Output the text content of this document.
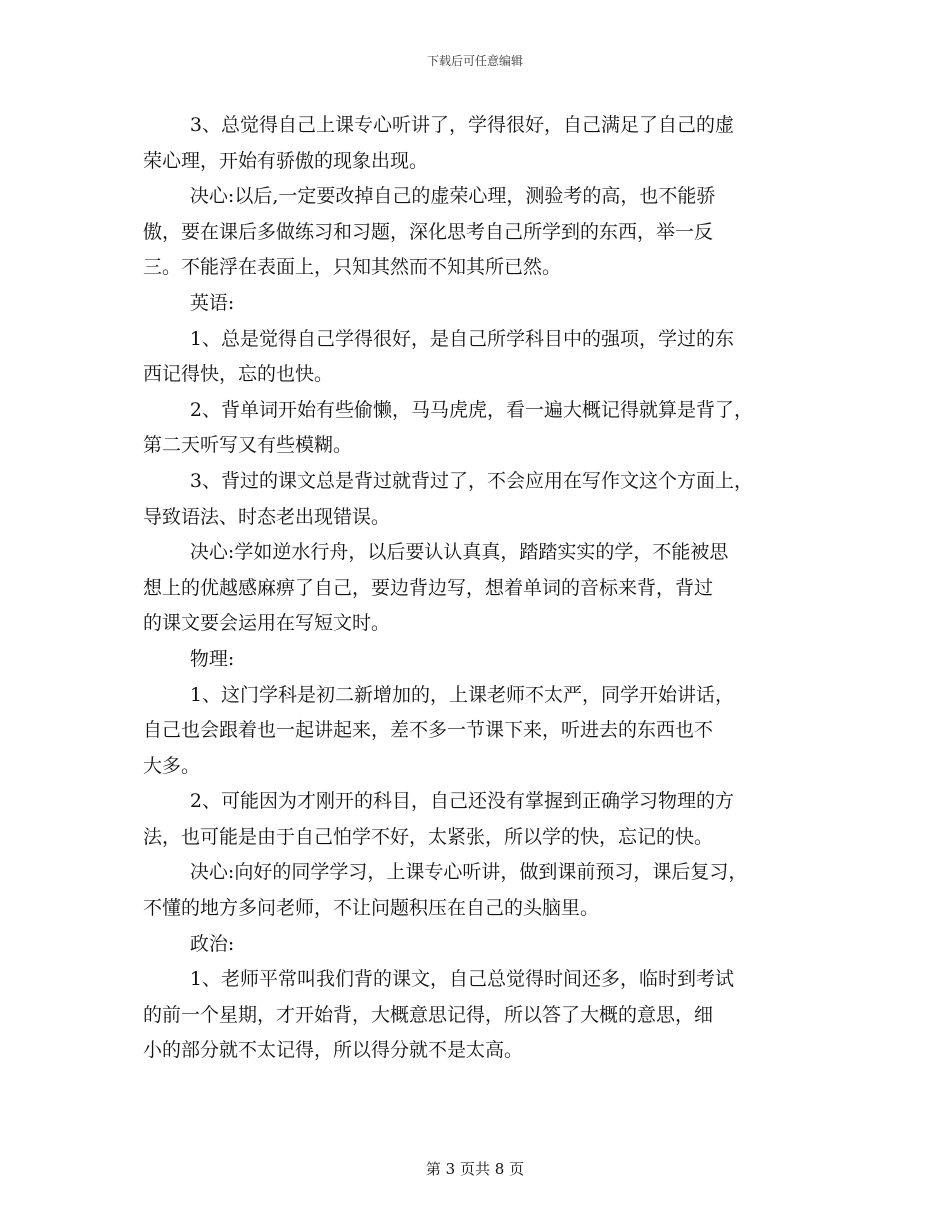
下载后可任意编辑
3、总觉得自己上课专心听讲了，学得很好，自己满足了自己的虚
荣心理，开始有骄傲的现象出现。
决心:以后,一定要改掉自己的虚荣心理，测验考的高，也不能骄
傲，要在课后多做练习和习题，深化思考自己所学到的东西，举一反
三。不能浮在表面上，只知其然而不知其所已然。
英语:
1、总是觉得自己学得很好，是自己所学科目中的强项，学过的东
西记得快，忘的也快。
2、背单词开始有些偷懒，马马虎虎，看一遍大概记得就算是背了，
第二天听写又有些模糊。
3、背过的课文总是背过就背过了，不会应用在写作文这个方面上，
导致语法、时态老出现错误。
决心:学如逆水行舟，以后要认认真真，踏踏实实的学，不能被思
想上的优越感麻痹了自己，要边背边写，想着单词的音标来背，背过
的课文要会运用在写短文时。
物理:
1、这门学科是初二新增加的，上课老师不太严，同学开始讲话，
自己也会跟着也一起讲起来，差不多一节课下来，听进去的东西也不
大多。
2、可能因为才刚开的科目，自己还没有掌握到正确学习物理的方
法，也可能是由于自己怕学不好，太紧张，所以学的快，忘记的快。
决心:向好的同学学习，上课专心听讲，做到课前预习，课后复习，
不懂的地方多问老师，不让问题积压在自己的头脑里。
政治:
1、老师平常叫我们背的课文，自己总觉得时间还多，临时到考试
的前一个星期，才开始背，大概意思记得，所以答了大概的意思，细
小的部分就不太记得，所以得分就不是太高。
第 3 页共 8 页
